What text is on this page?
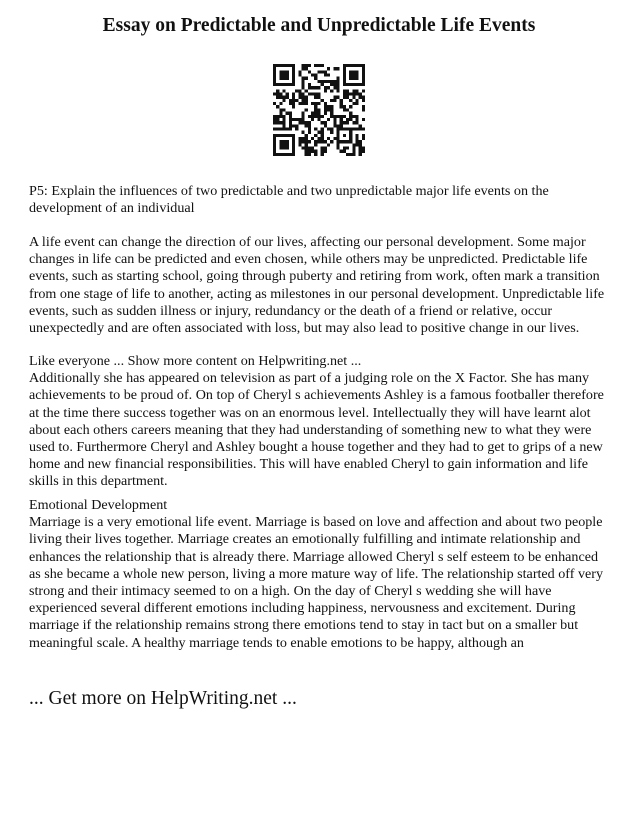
Essay on Predictable and Unpredictable Life Events

P5: Explain the influences of two predictable and two unpredictable major life events on the
development of an individual

A life event can change the direction of our lives, affecting our personal development. Some major
changes in life can be predicted and even chosen, while others may be unpredicted. Predictable life
events, such as starting school, going through puberty and retiring from work, often mark a transition
from one stage of life to another, acting as milestones in our personal development. Unpredictable life
events, such as sudden illness or injury, redundancy or the death of a friend or relative, occur
unexpectedly and are often associated with loss, but may also lead to positive change in our lives.

Like everyone ... Show more content on Helpwriting.net ...
Additionally she has appeared on television as part of a judging role on the X Factor. She has many
achievements to be proud of. On top of Cheryl s achievements Ashley is a famous footballer therefore
at the time there success together was on an enormous level. Intellectually they will have learnt alot
about each others careers meaning that they had understanding of something new to what they were
used to. Furthermore Cheryl and Ashley bought a house together and they had to get to grips of a new
home and new financial responsibilities. This will have enabled Cheryl to gain information and life
skills in this department.

Emotional Development
Marriage is a very emotional life event. Marriage is based on love and affection and about two people
living their lives together. Marriage creates an emotionally fulfilling and intimate relationship and
enhances the relationship that is already there. Marriage allowed Cheryl s self esteem to be enhanced
as she became a whole new person, living a more mature way of life. The relationship started off very
strong and their intimacy seemed to on a high. On the day of Cheryl s wedding she will have
experienced several different emotions including happiness, nervousness and excitement. During
marriage if the relationship remains strong there emotions tend to stay in tact but on a smaller but
meaningful scale. A healthy marriage tends to enable emotions to be happy, although an

... Get more on HelpWriting.net ...
